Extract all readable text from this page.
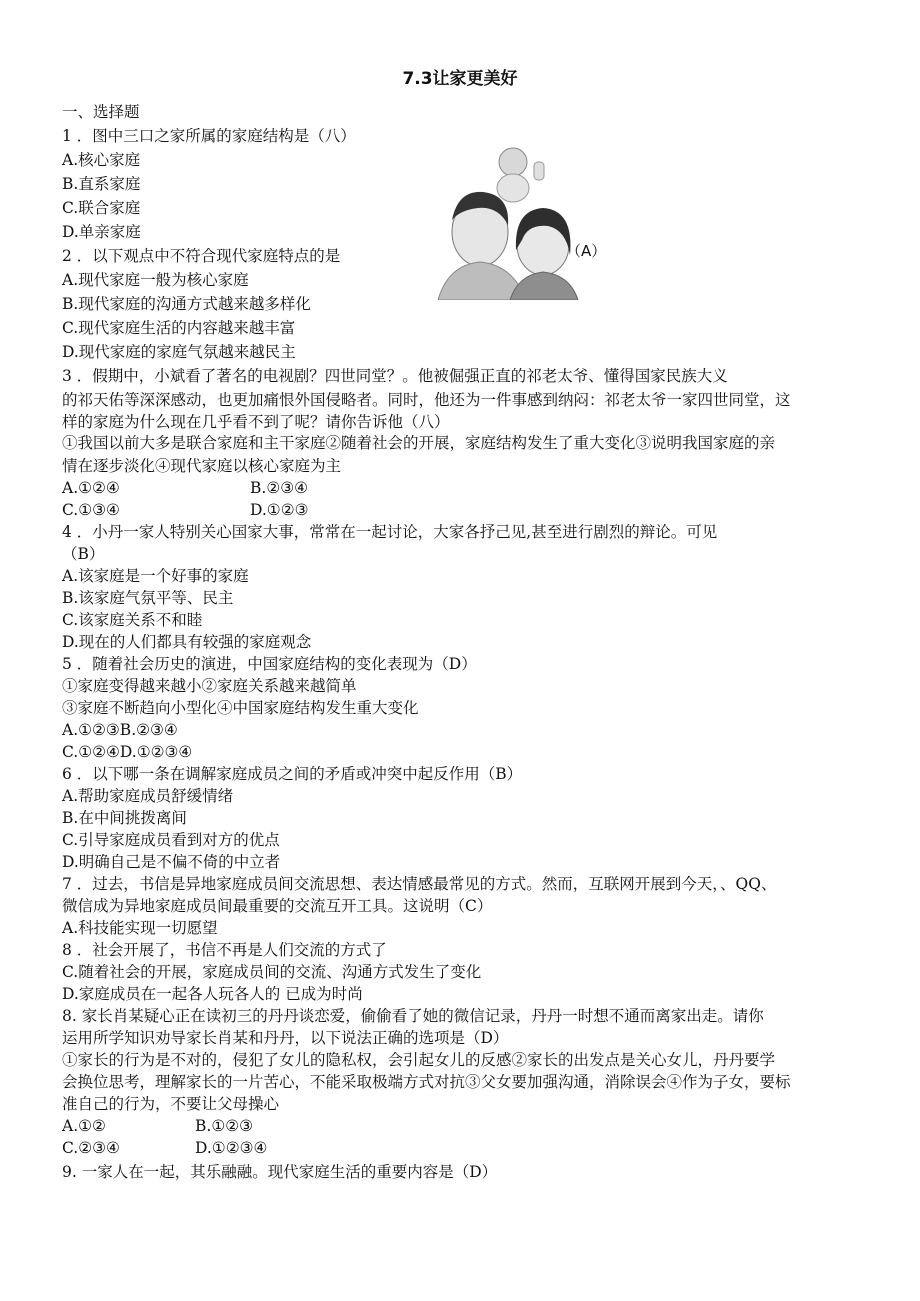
7.3让家更美好
一、选择题
（A）
1 ．图中三口之家所属的家庭结构是（八）
A.核心家庭
B.直系家庭
C.联合家庭
D.单亲家庭
2 ．以下观点中不符合现代家庭特点的是
A.现代家庭一般为核心家庭
B.现代家庭的沟通方式越来越多样化
C.现代家庭生活的内容越来越丰富
D.现代家庭的家庭气氛越来越民主
3 ．假期中，小斌看了著名的电视剧？四世同堂？。他被倔强正直的祁老太爷、懂得国家民族大义
的祁天佑等深深感动，也更加痛恨外国侵略者。同时，他还为一件事感到纳闷：祁老太爷一家四世同堂，这
样的家庭为什么现在几乎看不到了呢？请你告诉他（八）
①我国以前大多是联合家庭和主干家庭②随着社会的开展，家庭结构发生了重大变化③说明我国家庭的亲
情在逐步淡化④现代家庭以核心家庭为主
A.①②④	B.②③④
C.①③④	D.①②③
4 ．小丹一家人特别关心国家大事，常常在一起讨论，大家各抒己见,甚至进行剧烈的辩论。可见
（B）
A.该家庭是一个好事的家庭
B.该家庭气氛平等、民主
C.该家庭关系不和睦
D.现在的人们都具有较强的家庭观念
5 ．随着社会历史的演进，中国家庭结构的变化表现为（D）
①家庭变得越来越小②家庭关系越来越简单
③家庭不断趋向小型化④中国家庭结构发生重大变化
A.①②③B.②③④
C.①②④D.①②③④
6 ．以下哪一条在调解家庭成员之间的矛盾或冲突中起反作用（B）
A.帮助家庭成员舒缓情绪
B.在中间挑拨离间
C.引导家庭成员看到对方的优点
D.明确自己是不偏不倚的中立者
7 ．过去，书信是异地家庭成员间交流思想、表达情感最常见的方式。然而，互联网开展到今天，、QQ、
微信成为异地家庭成员间最重要的交流互开工具。这说明（C）
A.科技能实现一切愿望
8 ．社会开展了，书信不再是人们交流的方式了
C.随着社会的开展，家庭成员间的交流、沟通方式发生了变化
D.家庭成员在一起各人玩各人的 已成为时尚
8. 家长肖某疑心正在读初三的丹丹谈恋爱，偷偷看了她的微信记录，丹丹一时想不通而离家出走。请你
运用所学知识劝导家长肖某和丹丹，以下说法正确的选项是（D）
①家长的行为是不对的，侵犯了女儿的隐私权，会引起女儿的反感②家长的出发点是关心女儿，丹丹要学
会换位思考，理解家长的一片苦心，不能采取极端方式对抗③父女要加强沟通，消除误会④作为子女，要标
准自己的行为，不要让父母操心
A.①②	B.①②③
C.②③④	D.①②③④
9. 一家人在一起，其乐融融。现代家庭生活的重要内容是（D）
